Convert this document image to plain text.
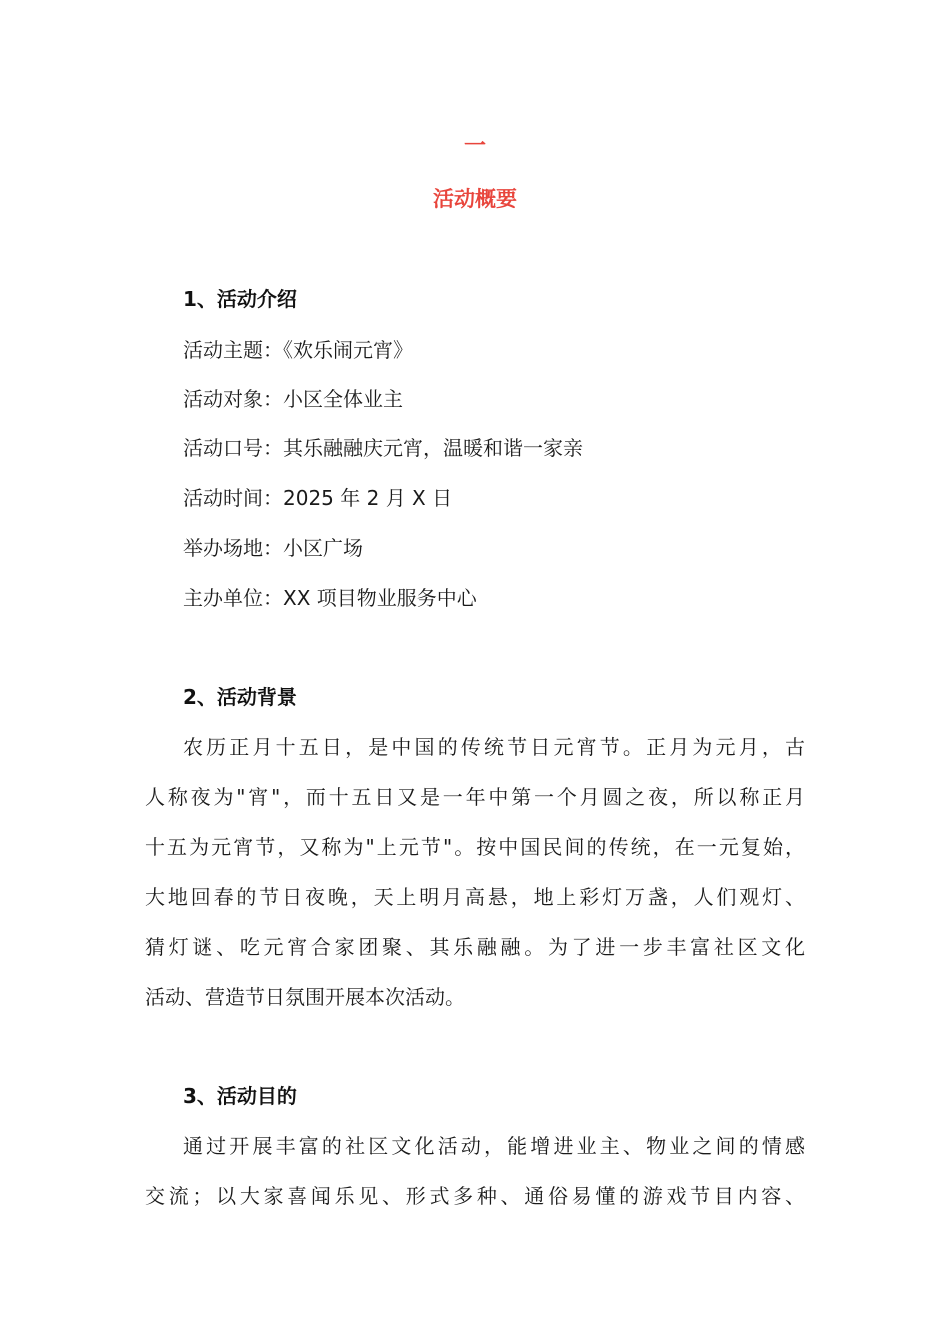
一
活动概要
1、活动介绍
活动主题：《欢乐闹元宵》
活动对象：小区全体业主
活动口号：其乐融融庆元宵，温暖和谐一家亲
活动时间：2025 年 2 月 X 日
举办场地：小区广场
主办单位：XX 项目物业服务中心
2、活动背景
农历正月十五日，是中国的传统节日元宵节。正月为元月，古
人称夜为"宵"，而十五日又是一年中第一个月圆之夜，所以称正月
十五为元宵节，又称为"上元节"。按中国民间的传统，在一元复始，
大地回春的节日夜晚，天上明月高悬，地上彩灯万盏，人们观灯、
猜灯谜、吃元宵合家团聚、其乐融融。为了进一步丰富社区文化
活动、营造节日氛围开展本次活动。
3、活动目的
通过开展丰富的社区文化活动，能增进业主、物业之间的情感
交流；以大家喜闻乐见、形式多种、通俗易懂的游戏节目内容、
